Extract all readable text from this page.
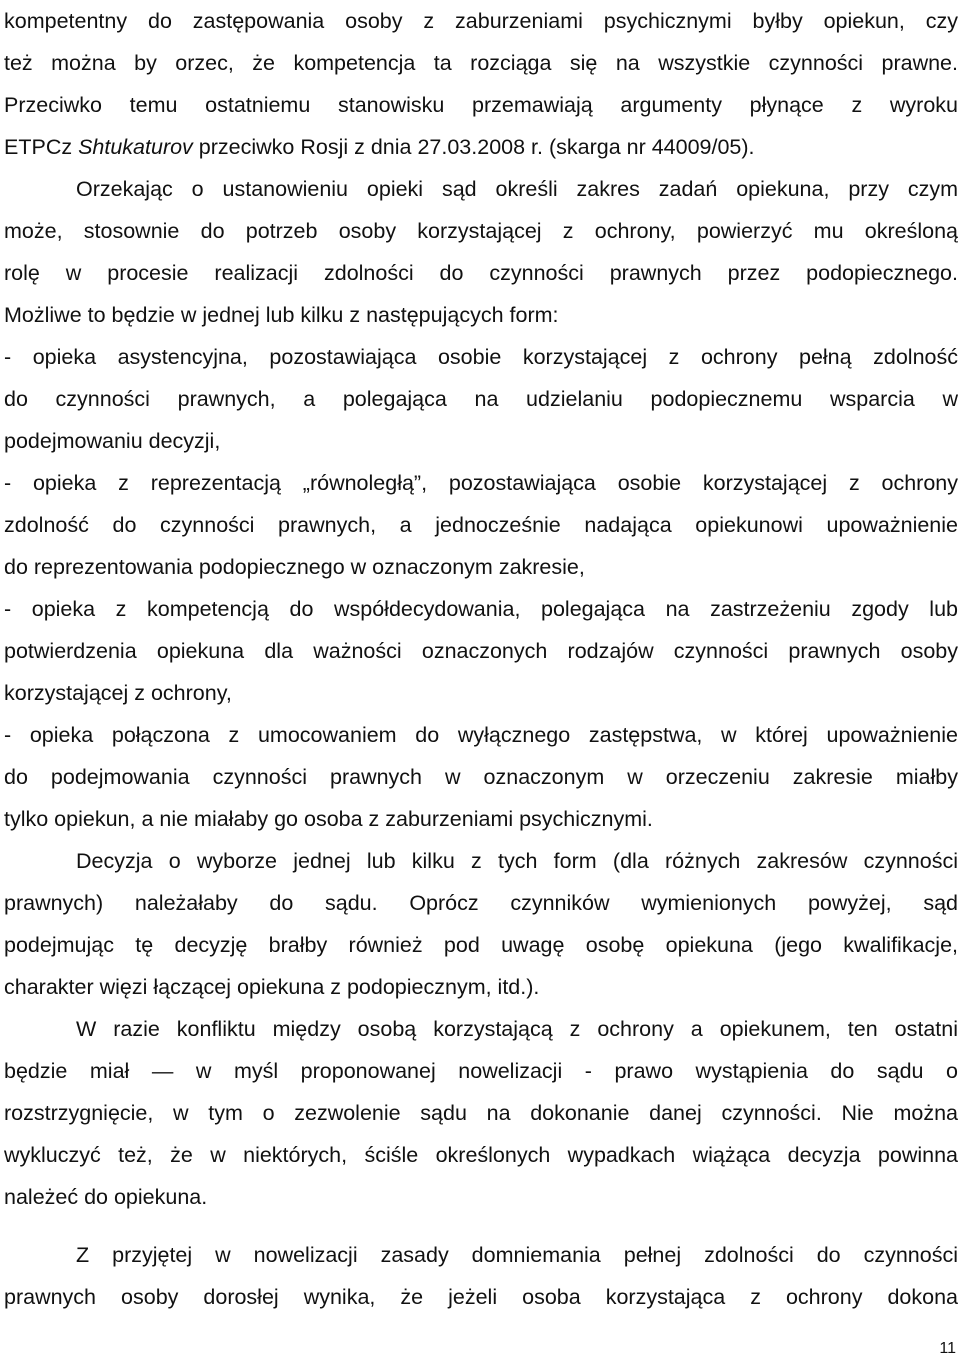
kompetentny do zastępowania osoby z zaburzeniami psychicznymi byłby opiekun, czy
też można by orzec, że kompetencja ta rozciąga się na wszystkie czynności prawne.
Przeciwko temu ostatniemu stanowisku przemawiają argumenty płynące z wyroku
ETPCz Shtukaturov przeciwko Rosji z dnia 27.03.2008 r. (skarga nr 44009/05).
Orzekając o ustanowieniu opieki sąd określi zakres zadań opiekuna, przy czym
może, stosownie do potrzeb osoby korzystającej z ochrony, powierzyć mu określoną
rolę w procesie realizacji zdolności do czynności prawnych przez podopiecznego.
Możliwe to będzie w jednej lub kilku z następujących form:
- opieka asystencyjna, pozostawiająca osobie korzystającej z ochrony pełną zdolność
do czynności prawnych, a polegająca na udzielaniu podopiecznemu wsparcia w
podejmowaniu decyzji,
- opieka z reprezentacją „równoległą”, pozostawiająca osobie korzystającej z ochrony
zdolność do czynności prawnych, a jednocześnie nadająca opiekunowi upoważnienie
do reprezentowania podopiecznego w oznaczonym zakresie,
- opieka z kompetencją do współdecydowania, polegająca na zastrzeżeniu zgody lub
potwierdzenia opiekuna dla ważności oznaczonych rodzajów czynności prawnych osoby
korzystającej z ochrony,
- opieka połączona z umocowaniem do wyłącznego zastępstwa, w której upoważnienie
do podejmowania czynności prawnych w oznaczonym w orzeczeniu zakresie miałby
tylko opiekun, a nie miałaby go osoba z zaburzeniami psychicznymi.
Decyzja o wyborze jednej lub kilku z tych form (dla różnych zakresów czynności
prawnych) należałaby do sądu. Oprócz czynników wymienionych powyżej, sąd
podejmując tę decyzję brałby również pod uwagę osobę opiekuna (jego kwalifikacje,
charakter więzi łączącej opiekuna z podopiecznym, itd.).
W razie konfliktu między osobą korzystającą z ochrony a opiekunem, ten ostatni
będzie miał — w myśl proponowanej nowelizacji - prawo wystąpienia do sądu o
rozstrzygnięcie, w tym o zezwolenie sądu na dokonanie danej czynności. Nie można
wykluczyć też, że w niektórych, ściśle określonych wypadkach wiążąca decyzja powinna
należeć do opiekuna.
Z przyjętej w nowelizacji zasady domniemania pełnej zdolności do czynności
prawnych osoby dorosłej wynika, że jeżeli osoba korzystająca z ochrony dokona
11
